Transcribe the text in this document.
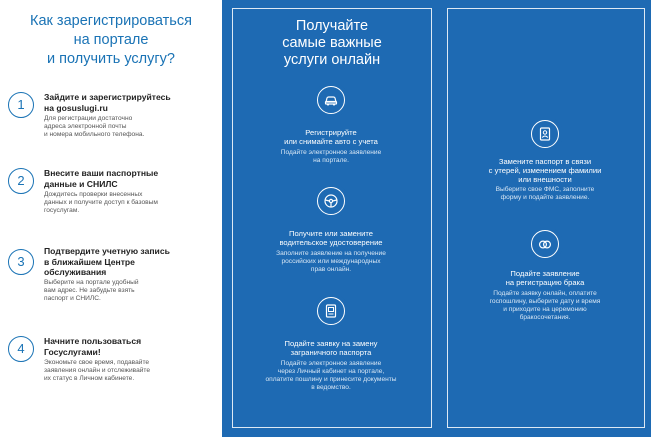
Как зарегистрироваться
на портале
и получить услугу?
1	Зайдите и зарегистрируйтесь
на gosuslugi.ru
Для регистрации достаточно
адреса электронной почты
и номера мобильного телефона.
2	Внесите ваши паспортные
данные и СНИЛС
Дождитесь проверки внесенных
данных и получите доступ к базовым
госуслугам.
3
Подтвердите учетную запись
в ближайшем Центре
обслуживания
Выберите на портале удобный
вам адрес. Не забудьте взять
паспорт и СНИЛС.
4	Начните пользоваться
Госуслугами!
Экономьте свое время, подавайте
заявления онлайн и отслеживайте
их статус в Личном кабинете.
Получайте
самые важные
услуги онлайн
Регистрируйте
или снимайте авто с учета
Подайте электронное заявление
на портале.
Получите или замените
водительское удостоверение
Заполните заявление на получение
российских или международных
прав онлайн.
Подайте заявку на замену
заграничного паспорта
Подайте электронное заявление
через Личный кабинет на портале,
оплатите пошлину и принесите документы
в ведомство.
Замените паспорт в связи
с утерей, изменением фамилии
или внешности
Выберите свое ФМС, заполните
форму и подайте заявление.
Подайте заявление
на регистрацию брака
Подайте заявку онлайн, оплатите
госпошлину, выберите дату и время
и приходите на церемонию
бракосочетания.
